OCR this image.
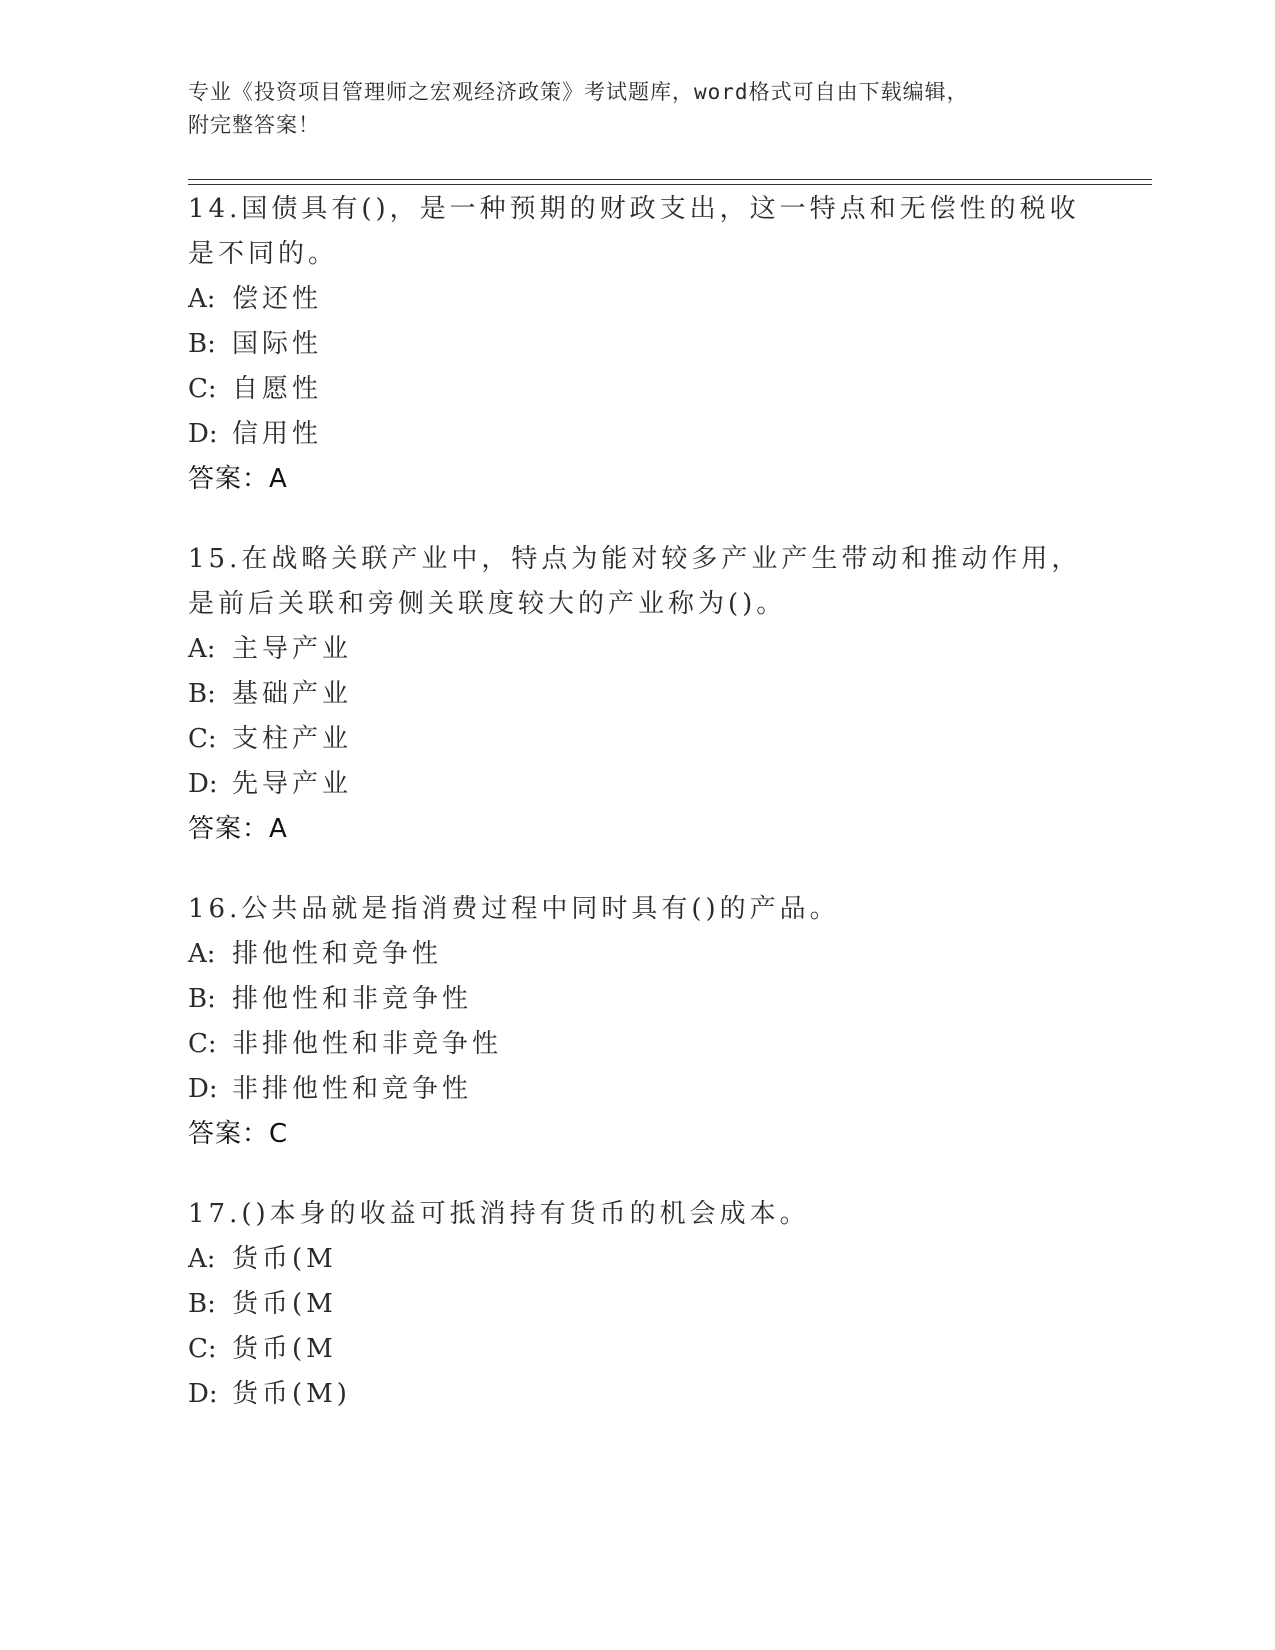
专业《投资项目管理师之宏观经济政策》考试题库，word格式可自由下载编辑，
附完整答案！

14.国债具有()，是一种预期的财政支出，这一特点和无偿性的税收是不同的。

A: 偿还性
B: 国际性
C: 自愿性
D: 信用性
答案：A

15.在战略关联产业中，特点为能对较多产业产生带动和推动作用，是前后关联和旁侧关联度较大的产业称为()。

A: 主导产业
B: 基础产业
C: 支柱产业
D: 先导产业
答案：A

16.公共品就是指消费过程中同时具有()的产品。

A: 排他性和竞争性
B: 排他性和非竞争性
C: 非排他性和非竞争性
D: 非排他性和竞争性
答案：C

17.()本身的收益可抵消持有货币的机会成本。

A: 货币(M
B: 货币(M
C: 货币(M
D: 货币(M)
